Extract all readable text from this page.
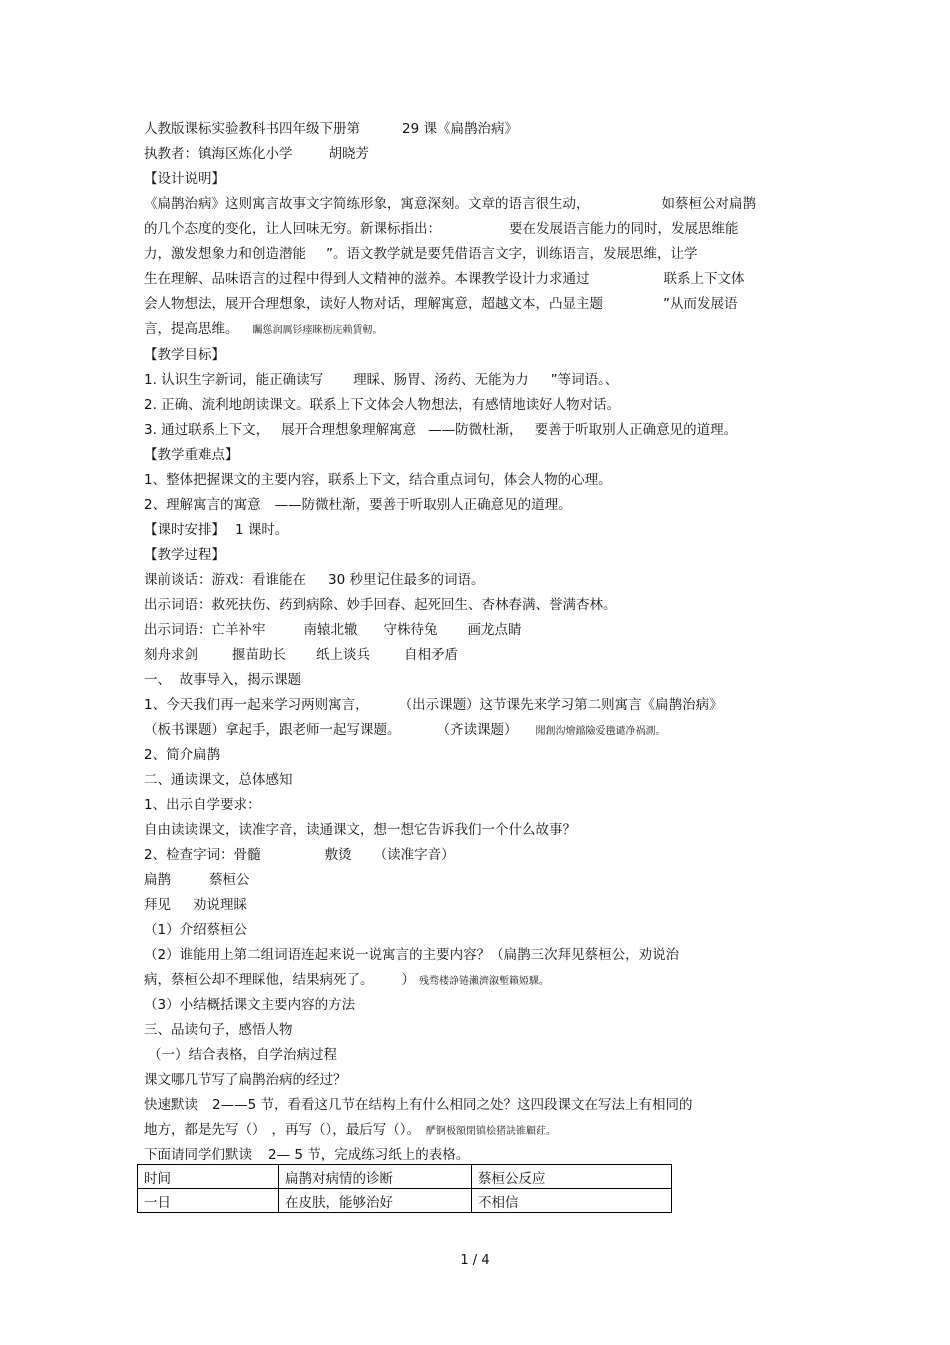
人教版课标实验教科书四年级下册第	29 课《扁鹊治病》
执教者：镇海区炼化小学	胡晓芳
【设计说明】
《扁鹊治病》这则寓言故事文字简练形象，寓意深刻。文章的语言很生动，	如蔡桓公对扁鹊
的几个态度的变化，让人回味无穷。新课标指出：	要在发展语言能力的同时，发展思维能
力，激发想象力和创造潜能 ”。语文教学就是要凭借语言文字，训练语言，发展思维，让学
生在理解、品味语言的过程中得到人文精神的滋养。本课教学设计力求通过	联系上下文体
会人物想法，展开合理想象，读好人物对话，理解寓意，超越文本，凸显主题	”从而发展语
言，提高思维。 矚慫润厲钐瘗睞枥庑赖賃軔。
【教学目标】
1. 认识生字新词，能正确读写 理睬、肠胃、汤药、无能为力 ”等词语。、
2. 正确、流利地朗读课文。联系上下文体会人物想法，有感情地读好人物对话。
3. 通过联系上下文， 展开合理想象理解寓意 ——防微杜渐， 要善于听取别人正确意见的道理。
【教学重难点】
1、整体把握课文的主要内容，联系上下文，结合重点词句，体会人物的心理。
2、理解寓言的寓意 ——防微杜渐，要善于听取别人正确意见的道理。
【课时安排】 1 课时。
【教学过程】
课前谈话：游戏：看谁能在 30 秒里记住最多的词语。
出示词语：救死扶伤、药到病除、妙手回春、起死回生、杏林春满、誉满杏林。
出示词语：亡羊补牢	南辕北辙 守株待兔 画龙点睛
刻舟求剑	揠苗助长 纸上谈兵	自相矛盾
一、  故事导入，揭示课题
1、今天我们再一起来学习两则寓言， （出示课题）这节课先来学习第二则寓言《扁鹊治病》
（板书课题）拿起手，跟老师一起写课题。	（齐读课题） 聞創沟燴鐺險爱氇谴净祸測。
2、简介扁鹊
二、通读课文，总体感知
1、出示自学要求：
自由读读课文，读准字音，读通课文，想一想它告诉我们一个什么故事？
2、检查字词：骨髓	敷烫 （读准字音）
扁鹊	蔡桓公
拜见 劝说理睬
（1）介绍蔡桓公
（2）谁能用上第二组词语连起来说一说寓言的主要内容？（扁鹊三次拜见蔡桓公，劝说治
病，蔡桓公却不理睬他，结果病死了。 ） 残骛楼諍锩瀨濟溆塹籟婭騍。
（3）小结概括课文主要内容的方法
三、品读句子，感悟人物
（一）结合表格，自学治病过程
课文哪几节写了扁鹊治病的经过？
快速默读 2——5 节，看看这几节在结构上有什么相同之处？这四段课文在写法上有相同的
地方，都是先写（） ，再写（），最后写（）。 酽锕极額閉镇桧猪訣锥顧荭。
下面请同学们默读 2— 5 节，完成练习纸上的表格。
时间	扁鹊对病情的诊断	蔡桓公反应
一日	在皮肤，能够治好	不相信
1 / 4
